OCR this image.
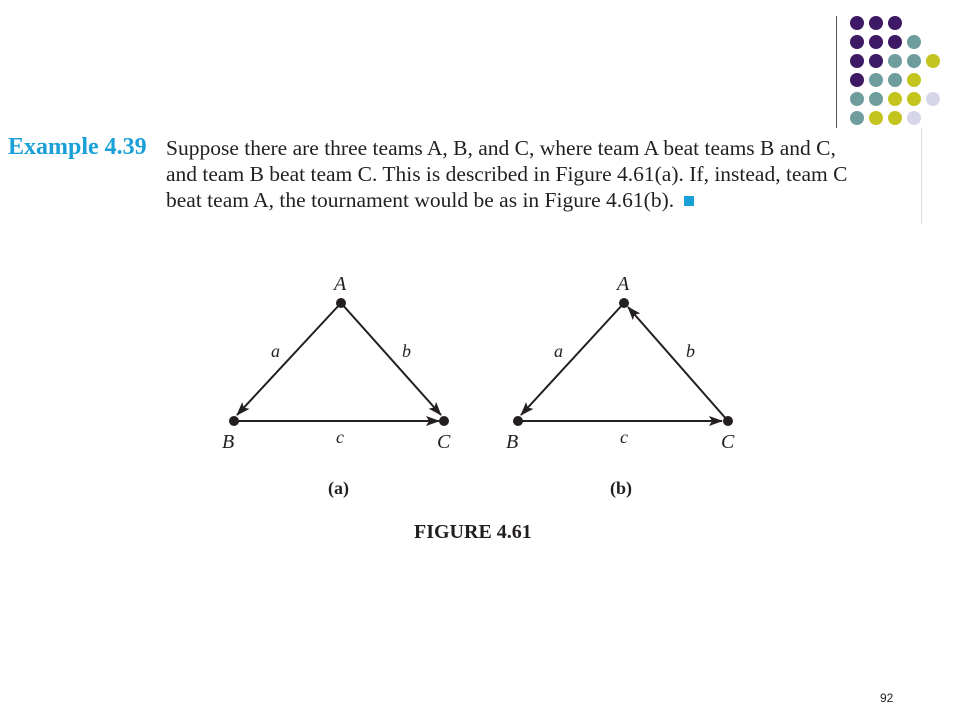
Example 4.39 Suppose there are three teams A, B, and C, where team A beat teams B and C,
and team B beat team C. This is described in Figure 4.61(a). If, instead, team C
beat team A, the tournament would be as in Figure 4.61(b).
A
B	C
a	b
c
(a)
A
B	C
a	b
c
(b)
FIGURE 4.61
92
